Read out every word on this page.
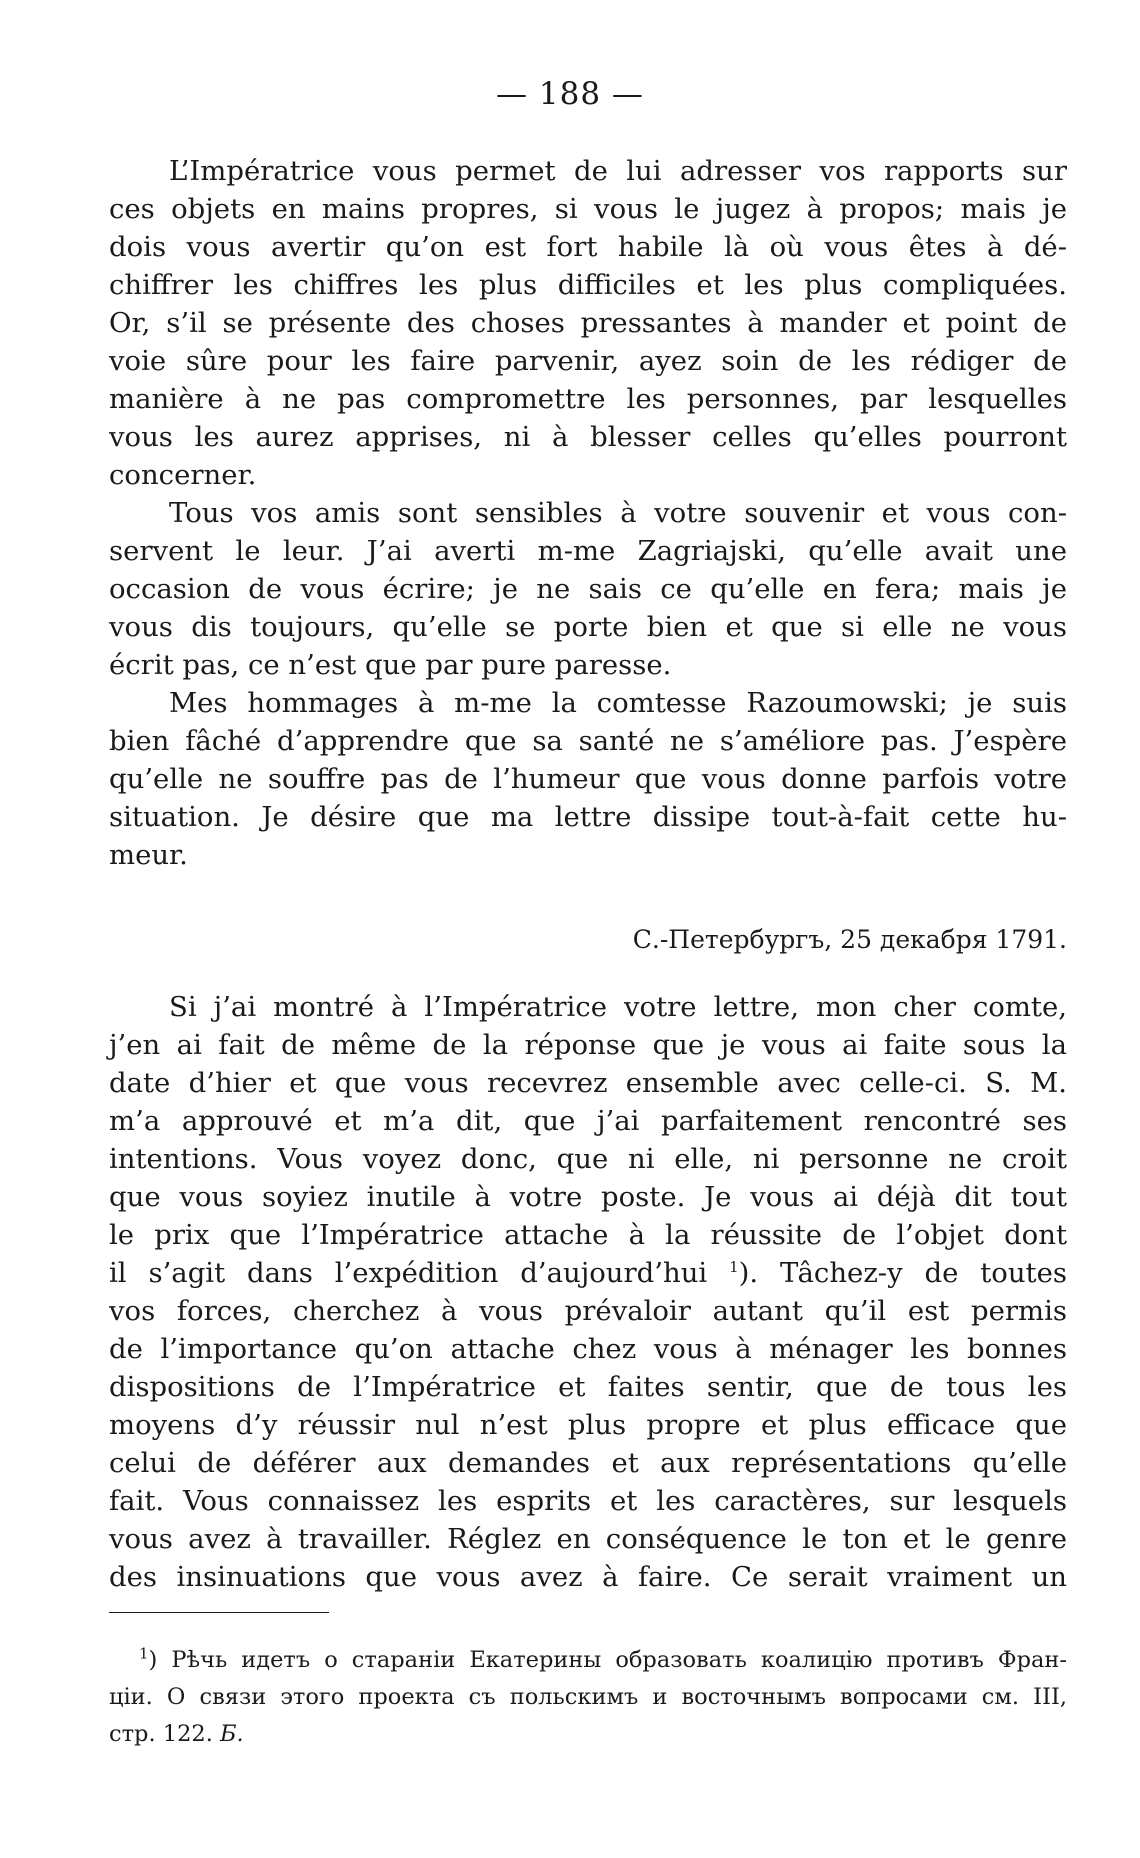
— 188 —
L’Impératrice vous permet de lui adresser vos rapports sur
ces objets en mains propres, si vous le jugez à propos; mais je
dois vous avertir qu’on est fort habile là où vous êtes à dé-
chiffrer les chiffres les plus difficiles et les plus compliquées.
Or, s’il se présente des choses pressantes à mander et point de
voie sûre pour les faire parvenir, ayez soin de les rédiger de
manière à ne pas compromettre les personnes, par lesquelles
vous les aurez apprises, ni à blesser celles qu’elles pourront
concerner.
Tous vos amis sont sensibles à votre souvenir et vous con-
servent le leur. J’ai averti m-me Zagriajski, qu’elle avait une
occasion de vous écrire; je ne sais ce qu’elle en fera; mais je
vous dis toujours, qu’elle se porte bien et que si elle ne vous
écrit pas, ce n’est que par pure paresse.
Mes hommages à m-me la comtesse Razoumowski; je suis
bien fâché d’apprendre que sa santé ne s’améliore pas. J’espère
qu’elle ne souffre pas de l’humeur que vous donne parfois votre
situation. Je désire que ma lettre dissipe tout-à-fait cette hu-
meur.
С.-Петербургъ, 25 декабря 1791.
Si j’ai montré à l’Impératrice votre lettre, mon cher comte,
j’en ai fait de même de la réponse que je vous ai faite sous la
date d’hier et que vous recevrez ensemble avec celle-ci. S. M.
m’a approuvé et m’a dit, que j’ai parfaitement rencontré ses
intentions. Vous voyez donc, que ni elle, ni personne ne croit
que vous soyiez inutile à votre poste. Je vous ai déjà dit tout
le prix que l’Impératrice attache à la réussite de l’objet dont
il s’agit dans l’expédition d’aujourd’hui $^1$). Tâchez-y de toutes
vos forces, cherchez à vous prévaloir autant qu’il est permis
de l’importance qu’on attache chez vous à ménager les bonnes
dispositions de l’Impératrice et faites sentir, que de tous les
moyens d’y réussir nul n’est plus propre et plus efficace que
celui de déférer aux demandes et aux représentations qu’elle
fait. Vous connaissez les esprits et les caractères, sur lesquels
vous avez à travailler. Réglez en conséquence le ton et le genre
des insinuations que vous avez à faire. Ce serait vraiment un
$^1$) Рѣчь идетъ о стараніи Екатерины образовать коалицію противъ Фран-
ціи. О связи этого проекта съ польскимъ и восточнымъ вопросами см. III,
стр. 122. Б.
